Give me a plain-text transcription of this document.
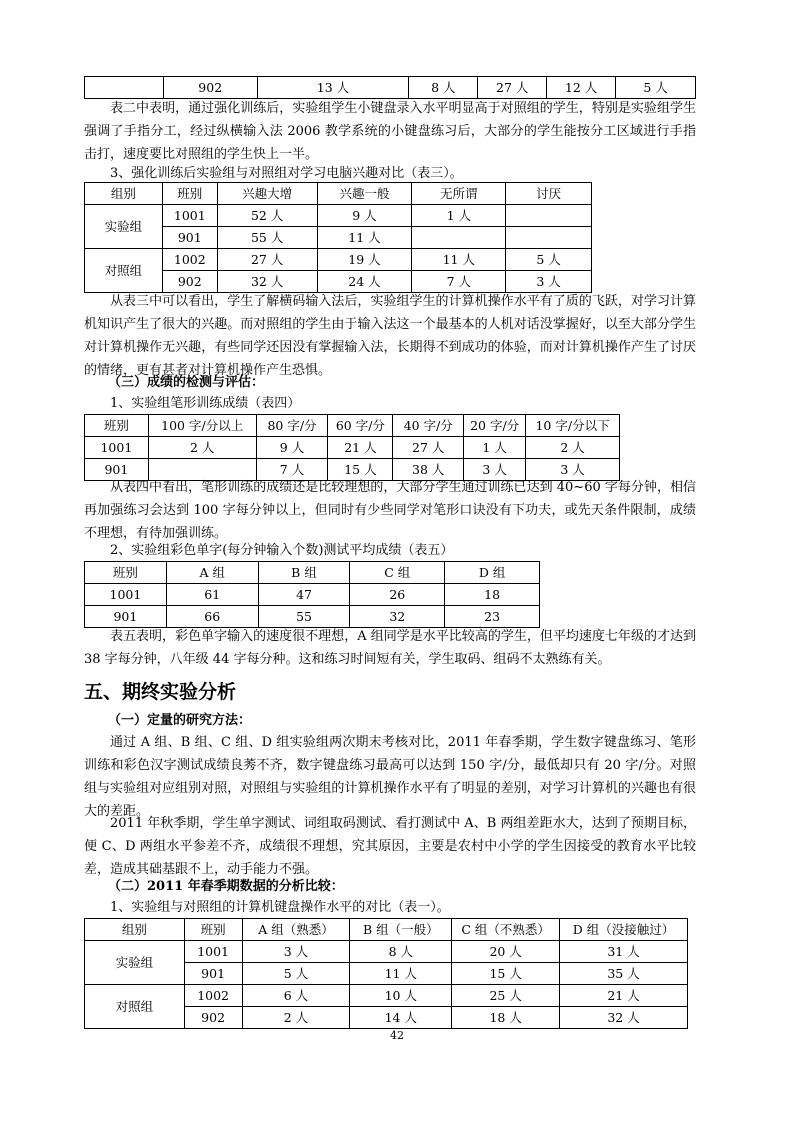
	902	13 人	8 人	27 人	12 人	5 人

表二中表明，通过强化训练后，实验组学生小键盘录入水平明显高于对照组的学生，特别是实验组学生强调了手指分工，经过纵横输入法 2006 教学系统的小键盘练习后，大部分的学生能按分工区域进行手指击打，速度要比对照组的学生快上一半。

3、强化训练后实验组与对照组对学习电脑兴趣对比（表三）。

组别	班别	兴趣大增	兴趣一般	无所谓	讨厌
实验组	1001	52 人	9 人	1 人	
	901	55 人	11 人		
对照组	1002	27 人	19 人	11 人	5 人
	902	32 人	24 人	7 人	3 人

从表三中可以看出，学生了解横码输入法后，实验组学生的计算机操作水平有了质的飞跃，对学习计算机知识产生了很大的兴趣。而对照组的学生由于输入法这一个最基本的人机对话没掌握好，以至大部分学生对计算机操作无兴趣，有些同学还因没有掌握输入法，长期得不到成功的体验，而对计算机操作产生了讨厌的情绪，更有甚者对计算机操作产生恐惧。

（三）成绩的检测与评估：

1、实验组笔形训练成绩（表四）

班别	100 字/分以上	80 字/分	60 字/分	40 字/分	20 字/分	10 字/分以下
1001	2 人	9 人	21 人	27 人	1 人	2 人
901		7 人	15 人	38 人	3 人	3 人

从表四中看出，笔形训练的成绩还是比较理想的，大部分学生通过训练已达到 40~60 字每分钟，相信再加强练习会达到 100 字每分钟以上，但同时有少些同学对笔形口诀没有下功夫，或先天条件限制，成绩不理想，有待加强训练。

2、实验组彩色单字(每分钟输入个数)测试平均成绩（表五）

班别	A 组	B 组	C 组	D 组
1001	61	47	26	18
901	66	55	32	23

表五表明，彩色单字输入的速度很不理想，A 组同学是水平比较高的学生，但平均速度七年级的才达到 38 字每分钟，八年级 44 字每分种。这和练习时间短有关，学生取码、组码不太熟练有关。

五、期终实验分析

（一）定量的研究方法：

通过 A 组、B 组、C 组、D 组实验组两次期末考核对比，2011 年春季期，学生数字键盘练习、笔形训练和彩色汉字测试成绩良莠不齐，数字键盘练习最高可以达到 150 字/分，最低却只有 20 字/分。对照组与实验组对应组别对照，对照组与实验组的计算机操作水平有了明显的差别，对学习计算机的兴趣也有很大的差距。

2011 年秋季期，学生单字测试、词组取码测试、看打测试中 A、B 两组差距水大，达到了预期目标，便 C、D 两组水平参差不齐，成绩很不理想，究其原因，主要是农村中小学的学生因接受的教育水平比较差，造成其础基跟不上，动手能力不强。

（二）2011 年春季期数据的分析比较：

1、实验组与对照组的计算机键盘操作水平的对比（表一）。

组别	班别	A 组（熟悉）	B 组（一般）	C 组（不熟悉）	D 组（没接触过）
实验组	1001	3 人	8 人	20 人	31 人
	901	5 人	11 人	15 人	35 人
对照组	1002	6 人	10 人	25 人	21 人
	902	2 人	14 人	18 人	32 人
42
